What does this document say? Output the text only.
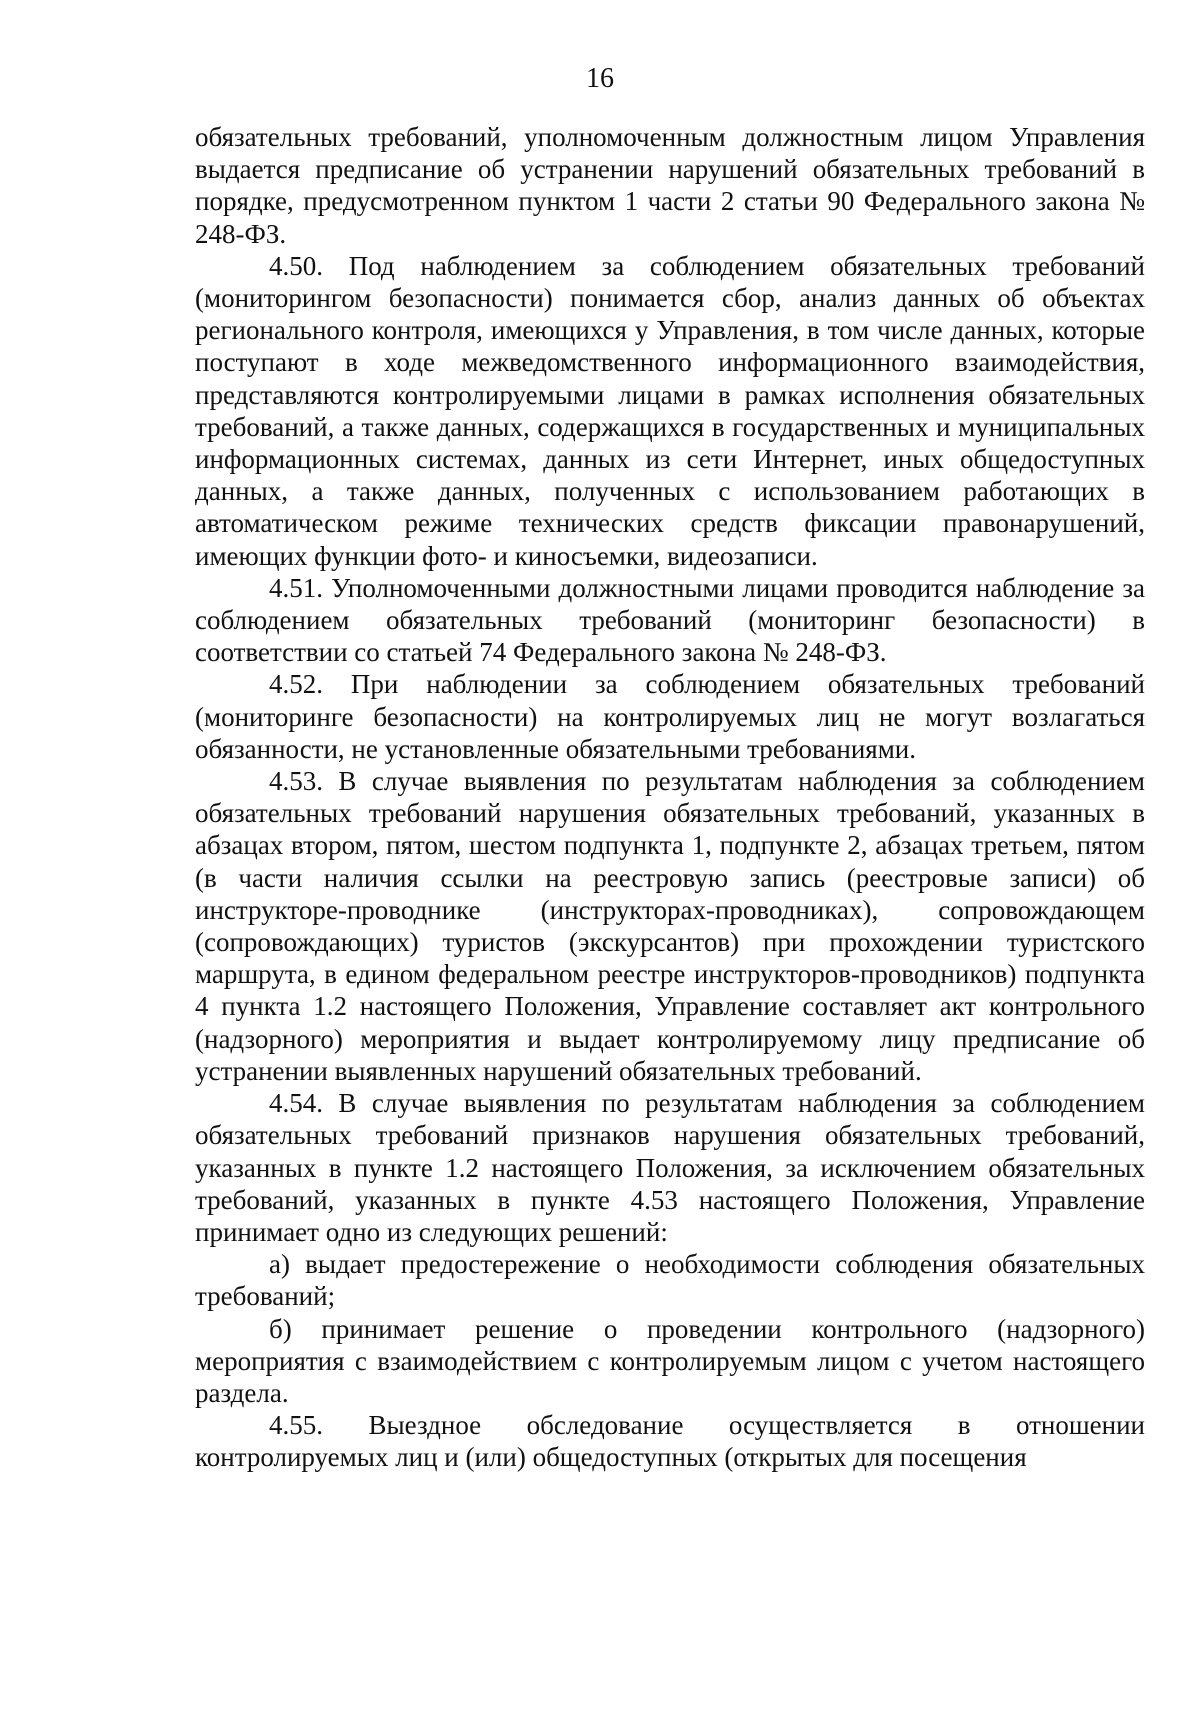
16

обязательных требований, уполномоченным должностным лицом Управления выдается предписание об устранении нарушений обязательных требований в порядке, предусмотренном пунктом 1 части 2 статьи 90 Федерального закона № 248-ФЗ.

4.50. Под наблюдением за соблюдением обязательных требований (мониторингом безопасности) понимается сбор, анализ данных об объектах регионального контроля, имеющихся у Управления, в том числе данных, которые поступают в ходе межведомственного информационного взаимодействия, представляются контролируемыми лицами в рамках исполнения обязательных требований, а также данных, содержащихся в государственных и муниципальных информационных системах, данных из сети Интернет, иных общедоступных данных, а также данных, полученных с использованием работающих в автоматическом режиме технических средств фиксации правонарушений, имеющих функции фото- и киносъемки, видеозаписи.

4.51. Уполномоченными должностными лицами проводится наблюдение за соблюдением обязательных требований (мониторинг безопасности) в соответствии со статьей 74 Федерального закона № 248-ФЗ.

4.52. При наблюдении за соблюдением обязательных требований (мониторинге безопасности) на контролируемых лиц не могут возлагаться обязанности, не установленные обязательными требованиями.

4.53. В случае выявления по результатам наблюдения за соблюдением обязательных требований нарушения обязательных требований, указанных в абзацах втором, пятом, шестом подпункта 1, подпункте 2, абзацах третьем, пятом (в части наличия ссылки на реестровую запись (реестровые записи) об инструкторе-проводнике (инструкторах-проводниках), сопровождающем (сопровождающих) туристов (экскурсантов) при прохождении туристского маршрута, в едином федеральном реестре инструкторов-проводников) подпункта 4 пункта 1.2 настоящего Положения, Управление составляет акт контрольного (надзорного) мероприятия и выдает контролируемому лицу предписание об устранении выявленных нарушений обязательных требований.

4.54. В случае выявления по результатам наблюдения за соблюдением обязательных требований признаков нарушения обязательных требований, указанных в пункте 1.2 настоящего Положения, за исключением обязательных требований, указанных в пункте 4.53 настоящего Положения, Управление принимает одно из следующих решений:

а) выдает предостережение о необходимости соблюдения обязательных требований;

б) принимает решение о проведении контрольного (надзорного) мероприятия с взаимодействием с контролируемым лицом с учетом настоящего раздела.

4.55. Выездное обследование осуществляется в отношении контролируемых лиц и (или) общедоступных (открытых для посещения
